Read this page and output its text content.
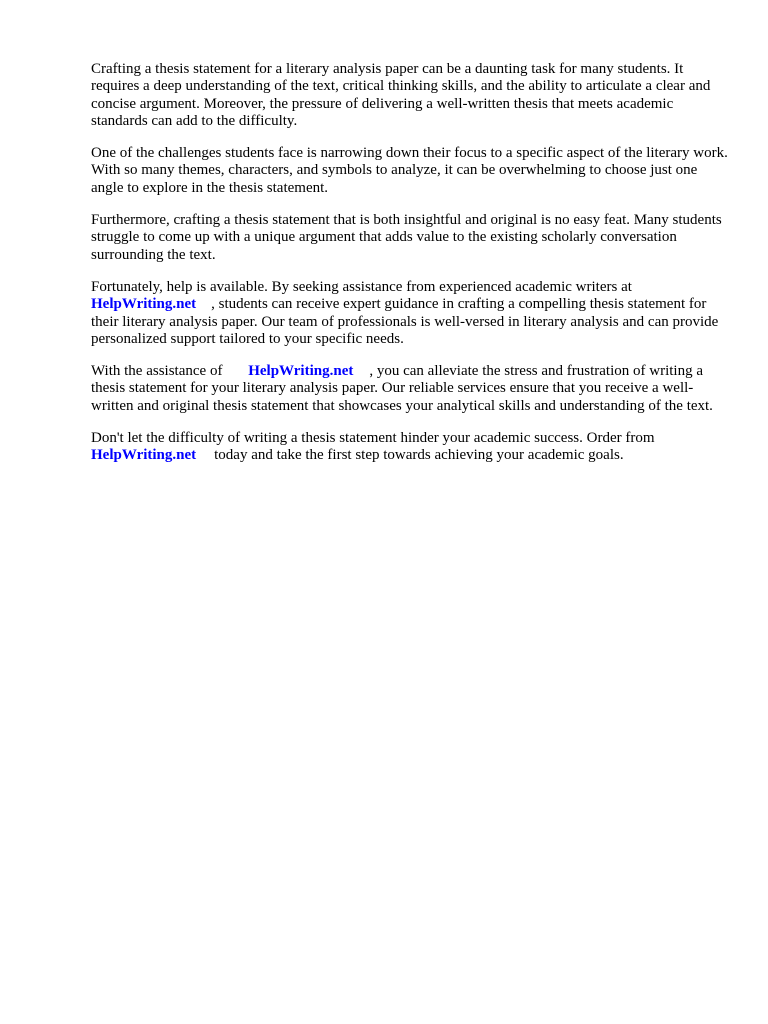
Crafting a thesis statement for a literary analysis paper can be a daunting task for many students. It requires a deep understanding of the text, critical thinking skills, and the ability to articulate a clear and concise argument. Moreover, the pressure of delivering a well-written thesis that meets academic standards can add to the difficulty.

One of the challenges students face is narrowing down their focus to a specific aspect of the literary work. With so many themes, characters, and symbols to analyze, it can be overwhelming to choose just one angle to explore in the thesis statement.

Furthermore, crafting a thesis statement that is both insightful and original is no easy feat. Many students struggle to come up with a unique argument that adds value to the existing scholarly conversation surrounding the text.

Fortunately, help is available. By seeking assistance from experienced academic writers at
HelpWriting.net , students can receive expert guidance in crafting a compelling thesis statement for their literary analysis paper. Our team of professionals is well-versed in literary analysis and can provide personalized support tailored to your specific needs.

With the assistance of HelpWriting.net , you can alleviate the stress and frustration of writing a thesis statement for your literary analysis paper. Our reliable services ensure that you receive a well-written and original thesis statement that showcases your analytical skills and understanding of the text.

Don't let the difficulty of writing a thesis statement hinder your academic success. Order from
HelpWriting.net today and take the first step towards achieving your academic goals.
